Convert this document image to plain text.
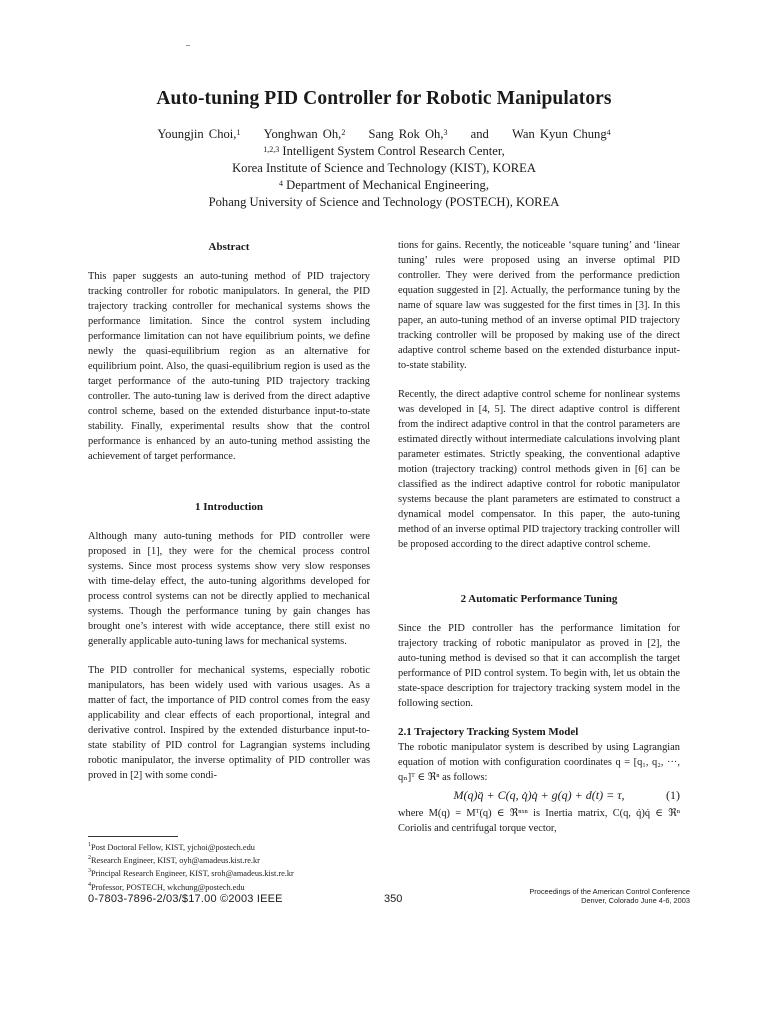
Auto-tuning PID Controller for Robotic Manipulators
Youngjin Choi,$^1$ Yonghwan Oh,$^2$ Sang Rok Oh,$^3$ and Wan Kyun Chung$^4$
$^{1,2,3}$ Intelligent System Control Research Center,
Korea Institute of Science and Technology (KIST), KOREA
$^4$ Department of Mechanical Engineering,
Pohang University of Science and Technology (POSTECH), KOREA

Abstract

This paper suggests an auto-tuning method of PID trajectory tracking controller for robotic manipulators. In general, the PID trajectory tracking controller for mechanical systems shows the performance limitation. Since the control system including performance limitation can not have equilibrium points, we define newly the quasi-equilibrium region as an alternative for equilibrium point. Also, the quasi-equilibrium region is used as the target performance of the auto-tuning PID trajectory tracking controller. The auto-tuning law is derived from the direct adaptive control scheme, based on the extended disturbance input-to-state stability. Finally, experimental results show that the control performance is enhanced by an auto-tuning method assisting the achievement of target performance.

1 Introduction

Although many auto-tuning methods for PID controller were proposed in [1], they were for the chemical process control systems. Since most process systems show very slow responses with time-delay effect, the auto-tuning algorithms developed for process control systems can not be directly applied to mechanical systems. Though the performance tuning by gain changes has brought one’s interest with wide acceptance, there still exist no generally applicable auto-tuning laws for mechanical systems.

The PID controller for mechanical systems, especially robotic manipulators, has been widely used with various usages. As a matter of fact, the importance of PID control comes from the easy applicability and clear effects of each proportional, integral and derivative control. Inspired by the extended disturbance input-to-state stability of PID control for Lagrangian systems including robotic manipulator, the inverse optimality of PID controller was proved in [2] with some condi-

tions for gains. Recently, the noticeable ‘square tuning’ and ‘linear tuning’ rules were proposed using an inverse optimal PID controller. They were derived from the performance prediction equation suggested in [2]. Actually, the performance tuning by the name of square law was suggested for the first times in [3]. In this paper, an auto-tuning method of an inverse optimal PID trajectory tracking controller will be proposed by making use of the direct adaptive control scheme based on the extended disturbance input-to-state stability.

Recently, the direct adaptive control scheme for nonlinear systems was developed in [4, 5]. The direct adaptive control is different from the indirect adaptive control in that the control parameters are estimated directly without intermediate calculations involving plant parameter estimates. Strictly speaking, the conventional adaptive motion (trajectory tracking) control methods given in [6] can be classified as the indirect adaptive control for robotic manipulator systems because the plant parameters are estimated to construct a dynamical model compensator. In this paper, the auto-tuning method of an inverse optimal PID trajectory tracking controller will be proposed according to the direct adaptive control scheme.

2 Automatic Performance Tuning

Since the PID controller has the performance limitation for trajectory tracking of robotic manipulator as proved in [2], the auto-tuning method is devised so that it can accomplish the target performance of PID control system. To begin with, let us obtain the state-space description for trajectory tracking system model in the following section.

2.1 Trajectory Tracking System Model

The robotic manipulator system is described by using Lagrangian equation of motion with configuration coordinates q = [q₁, q₂, ···, qₙ]ᵀ ∈ ℜⁿ as follows:

M(q)q̈ + C(q, q̇)q̇ + g(q) + d(t) = τ,	(1)

where M(q) = Mᵀ(q) ∈ ℜⁿˣⁿ is Inertia matrix, C(q, q̇)q̇ ∈ ℜⁿ Coriolis and centrifugal torque vector,

$^1$Post Doctoral Fellow, KIST, yjchoi@postech.edu
$^2$Research Engineer, KIST, oyh@amadeus.kist.re.kr
$^3$Principal Research Engineer, KIST, sroh@amadeus.kist.re.kr
$^4$Professor, POSTECH, wkchung@postech.edu
0-7803-7896-2/03/$17.00 ©2003 IEEE	350
Proceedings of the American Control Conference
Denver, Colorado June 4-6, 2003
